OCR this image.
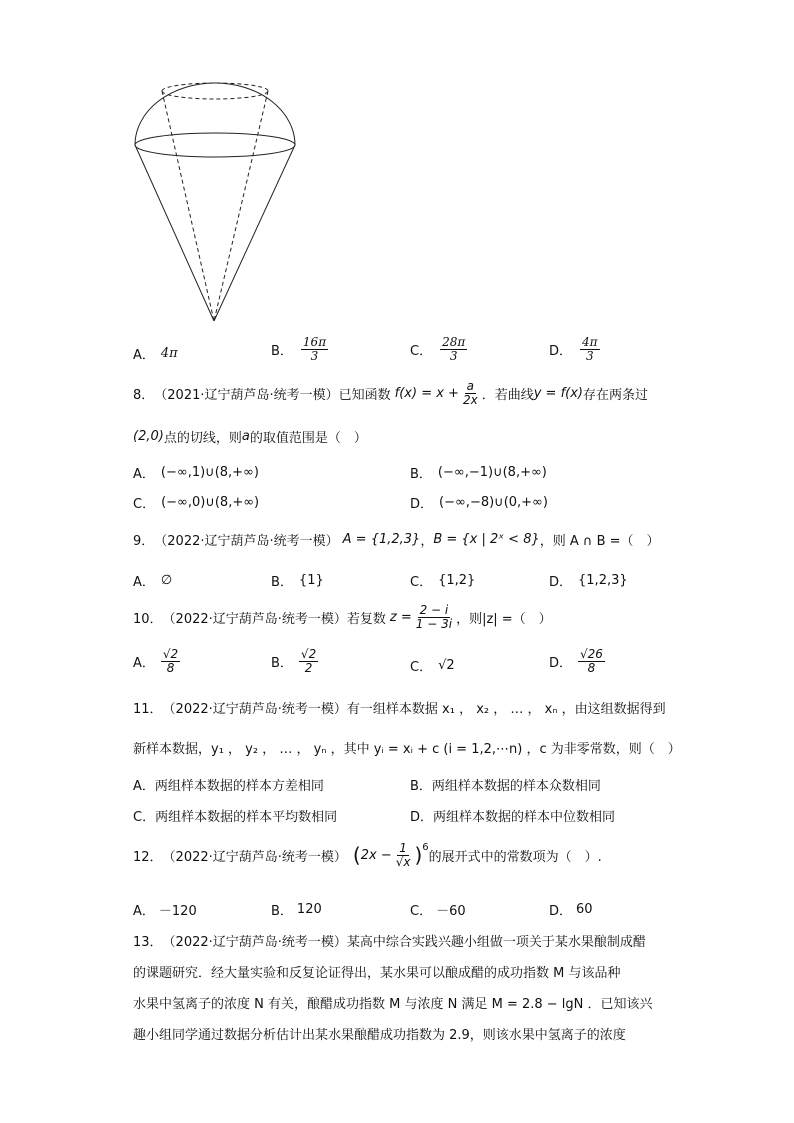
A． 4π	B． $\frac{16\pi}{3}$	C． $\frac{28\pi}{3}$	D． $\frac{4\pi}{3}$
8． （2021·辽宁葫芦岛·统考一模） 已知函数 $f(x) = x + \frac{a}{2x}$ ．若曲线 y = f(x) 存在两条过
(2,0) 点的切线，则 a 的取值范围是（　）
A． (−∞,1)∪(8,+∞)	B． (−∞,−1)∪(8,+∞)
C． (−∞,0)∪(8,+∞)	D． (−∞,−8)∪(0,+∞)
9． （2022·辽宁葫芦岛·统考一模） A = {1,2,3} ， B = {x | 2ˣ < 8} ，则 A ∩ B =（　）
A． ∅	B． {1}	C． {1,2}	D． {1,2,3}
10． （2022·辽宁葫芦岛·统考一模） 若复数 $z = \frac{2 - i}{1 - 3i}$ ，则|z| =（　）
A． $\frac{√2}{8}$	B． $\frac{√2}{2}$	C． √2	D． $\frac{√26}{8}$
11． （2022·辽宁葫芦岛·统考一模） 有一组样本数据 x₁ ， x₂ ， … ， xₙ ，由这组数据得到
新样本数据，y₁ ， y₂ ， … ， yₙ ，其中 yᵢ = xᵢ + c (i = 1,2,⋯n) ，c 为非零常数，则（　）
A． 两组样本数据的样本方差相同	B． 两组样本数据的样本众数相同
C． 两组样本数据的样本平均数相同	D． 两组样本数据的样本中位数相同
12． （2022·辽宁葫芦岛·统考一模） ( $2x - \frac{1}{√x} )^6$
的展开式中的常数项为（　）.
A． －120	B． 120	C． －60	D． 60
13． （2022·辽宁葫芦岛·统考一模） 某高中综合实践兴趣小组做一项关于某水果酿制成醋
的课题研究．经大量实验和反复论证得出，某水果可以酿成醋的成功指数 M 与该品种
水果中氢离子的浓度 N 有关，酿醋成功指数 M 与浓度 N 满足 M = 2.8 − lgN ．已知该兴
趣小组同学通过数据分析估计出某水果酿醋成功指数为 2.9，则该水果中氢离子的浓度
